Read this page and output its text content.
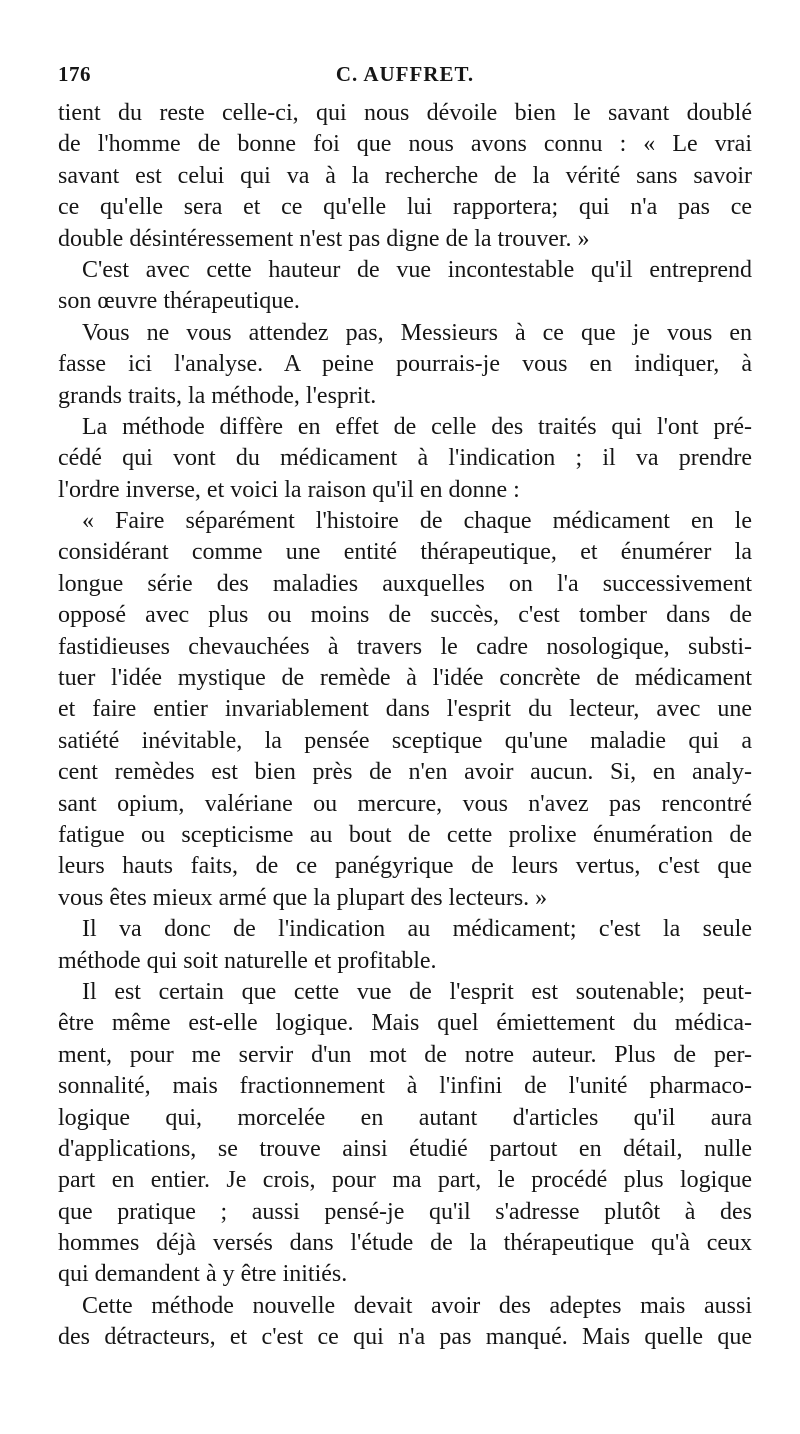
176	C. AUFFRET.
tient du reste celle-ci, qui nous dévoile bien le savant doublé
de l'homme de bonne foi que nous avons connu : « Le vrai
savant est celui qui va à la recherche de la vérité sans savoir
ce qu'elle sera et ce qu'elle lui rapportera; qui n'a pas ce
double désintéressement n'est pas digne de la trouver. »
C'est avec cette hauteur de vue incontestable qu'il entreprend
son œuvre thérapeutique.
Vous ne vous attendez pas, Messieurs à ce que je vous en
fasse ici l'analyse. A peine pourrais-je vous en indiquer, à
grands traits, la méthode, l'esprit.
La méthode diffère en effet de celle des traités qui l'ont pré-
cédé qui vont du médicament à l'indication ; il va prendre
l'ordre inverse, et voici la raison qu'il en donne :
« Faire séparément l'histoire de chaque médicament en le
considérant comme une entité thérapeutique, et énumérer la
longue série des maladies auxquelles on l'a successivement
opposé avec plus ou moins de succès, c'est tomber dans de
fastidieuses chevauchées à travers le cadre nosologique, substi-
tuer l'idée mystique de remède à l'idée concrète de médicament
et faire entier invariablement dans l'esprit du lecteur, avec une
satiété inévitable, la pensée sceptique qu'une maladie qui a
cent remèdes est bien près de n'en avoir aucun. Si, en analy-
sant opium, valériane ou mercure, vous n'avez pas rencontré
fatigue ou scepticisme au bout de cette prolixe énumération de
leurs hauts faits, de ce panégyrique de leurs vertus, c'est que
vous êtes mieux armé que la plupart des lecteurs. »
Il va donc de l'indication au médicament; c'est la seule
méthode qui soit naturelle et profitable.
Il est certain que cette vue de l'esprit est soutenable; peut-
être même est-elle logique. Mais quel émiettement du médica-
ment, pour me servir d'un mot de notre auteur. Plus de per-
sonnalité, mais fractionnement à l'infini de l'unité pharmaco-
logique qui, morcelée en autant d'articles qu'il aura
d'applications, se trouve ainsi étudié partout en détail, nulle
part en entier. Je crois, pour ma part, le procédé plus logique
que pratique ; aussi pensé-je qu'il s'adresse plutôt à des
hommes déjà versés dans l'étude de la thérapeutique qu'à ceux
qui demandent à y être initiés.
Cette méthode nouvelle devait avoir des adeptes mais aussi
des détracteurs, et c'est ce qui n'a pas manqué. Mais quelle que
